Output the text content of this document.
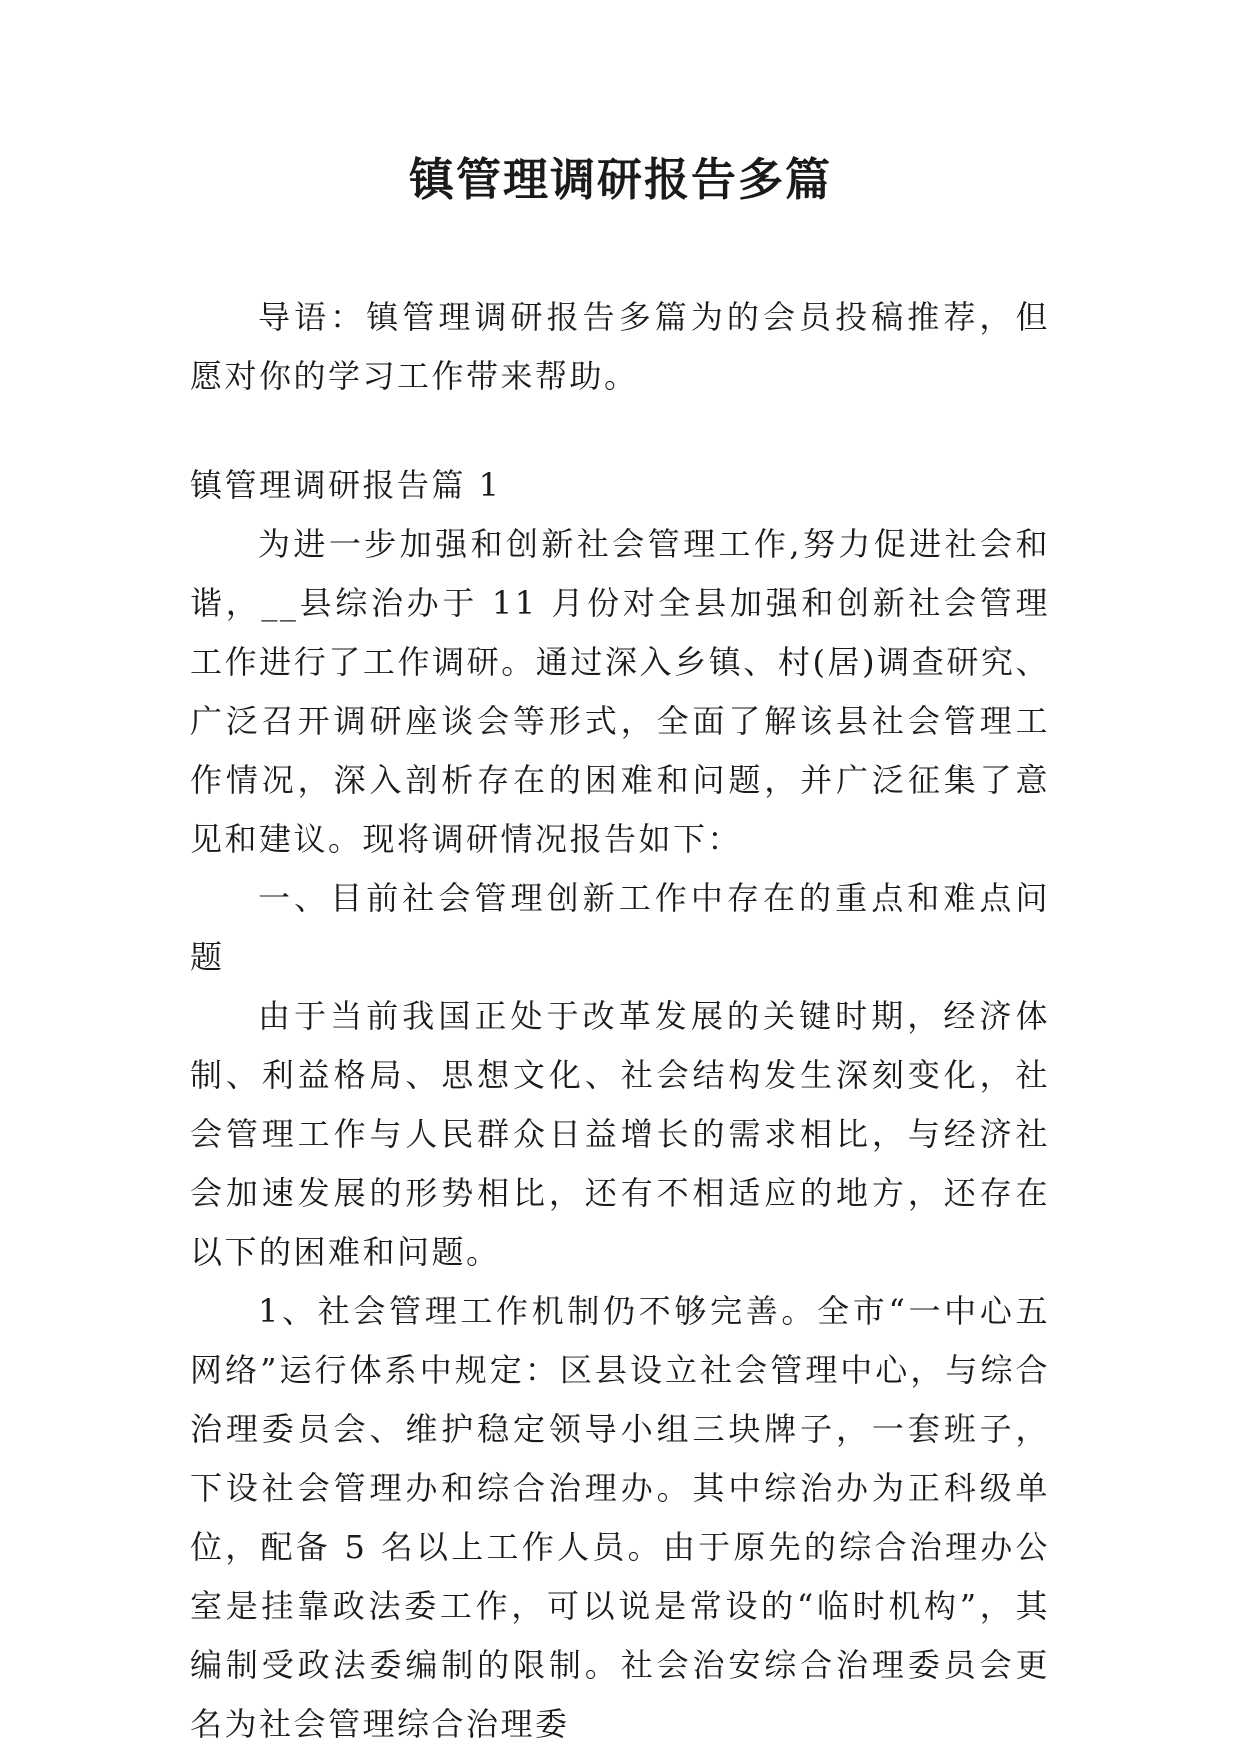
镇管理调研报告多篇

导语：镇管理调研报告多篇为的会员投稿推荐，但愿对你的学习工作带来帮助。

镇管理调研报告篇 1

为进一步加强和创新社会管理工作,努力促进社会和谐，__县综治办于 11 月份对全县加强和创新社会管理工作进行了工作调研。通过深入乡镇、村(居)调查研究、广泛召开调研座谈会等形式，全面了解该县社会管理工作情况，深入剖析存在的困难和问题，并广泛征集了意见和建议。现将调研情况报告如下：

一、目前社会管理创新工作中存在的重点和难点问题

由于当前我国正处于改革发展的关键时期，经济体制、利益格局、思想文化、社会结构发生深刻变化，社会管理工作与人民群众日益增长的需求相比，与经济社会加速发展的形势相比，还有不相适应的地方，还存在以下的困难和问题。

1、社会管理工作机制仍不够完善。全市“一中心五网络”运行体系中规定：区县设立社会管理中心，与综合治理委员会、维护稳定领导小组三块牌子，一套班子，下设社会管理办和综合治理办。其中综治办为正科级单位，配备 5 名以上工作人员。由于原先的综合治理办公室是挂靠政法委工作，可以说是常设的“临时机构”，其编制受政法委编制的限制。社会治安综合治理委员会更名为社会管理综合治理委
